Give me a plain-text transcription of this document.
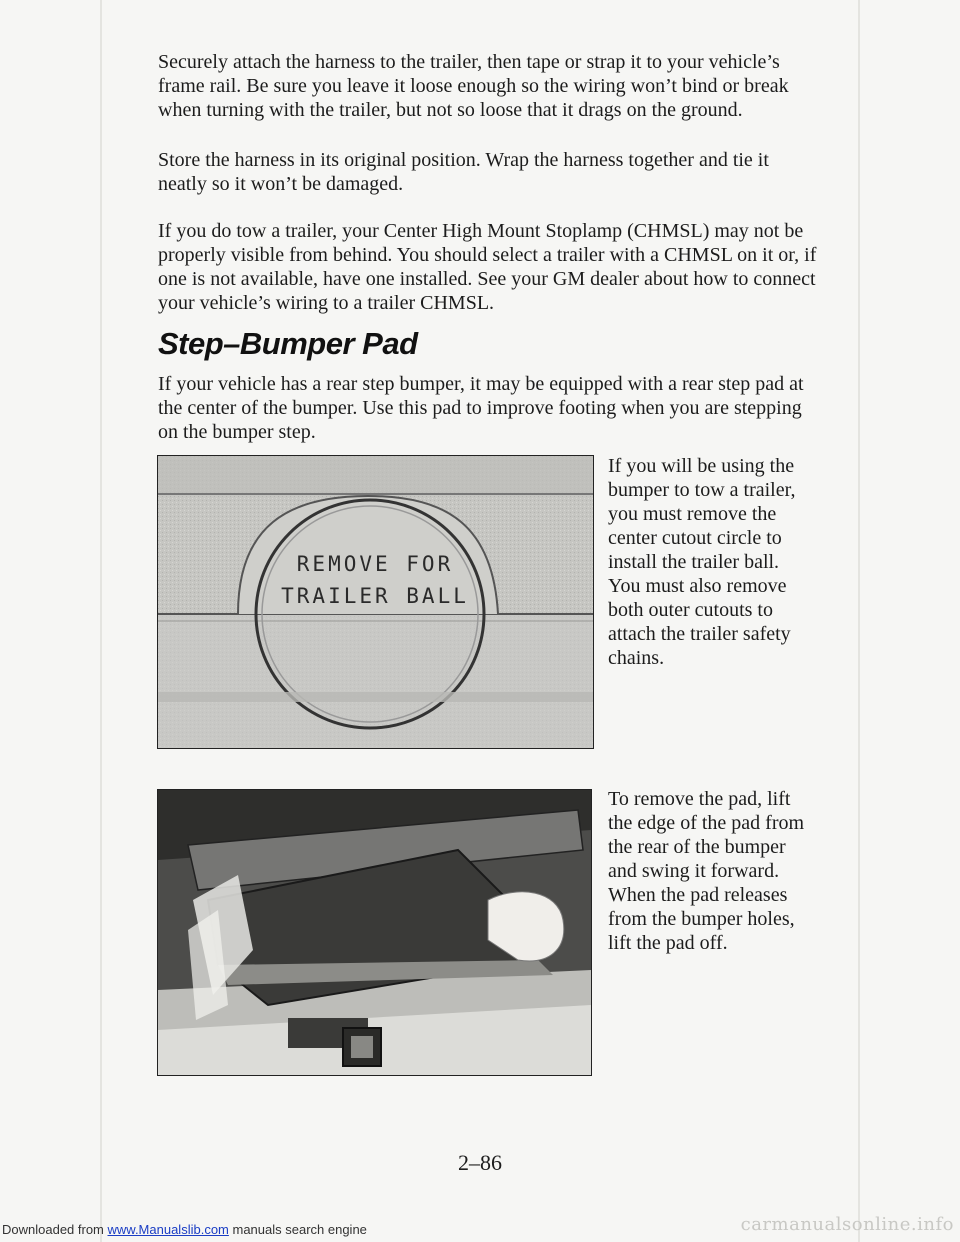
Securely attach the harness to the trailer, then tape or strap it to your vehicle’s frame rail. Be sure you leave it loose enough so the wiring won’t bind or break when turning with the trailer, but not so loose that it drags on the ground.

Store the harness in its original position. Wrap the harness together and tie it neatly so it won’t be damaged.

If you do tow a trailer, your Center High Mount Stoplamp (CHMSL) may not be properly visible from behind. You should select a trailer with a CHMSL on it or, if one is not available, have one installed. See your GM dealer about how to connect your vehicle’s wiring to a trailer CHMSL.

Step–Bumper Pad

If your vehicle has a rear step bumper, it may be equipped with a rear step pad at the center of the bumper. Use this pad to improve footing when you are stepping on the bumper step.

REMOVE FOR
TRAILER BALL

If you will be using the bumper to tow a trailer, you must remove the center cutout circle to install the trailer ball. You must also remove both outer cutouts to attach the trailer safety chains.

To remove the pad, lift the edge of the pad from the rear of the bumper and swing it forward. When the pad releases from the bumper holes, lift the pad off.

2–86

Downloaded from www.Manualslib.com manuals search engine	carmanualsonline.info
